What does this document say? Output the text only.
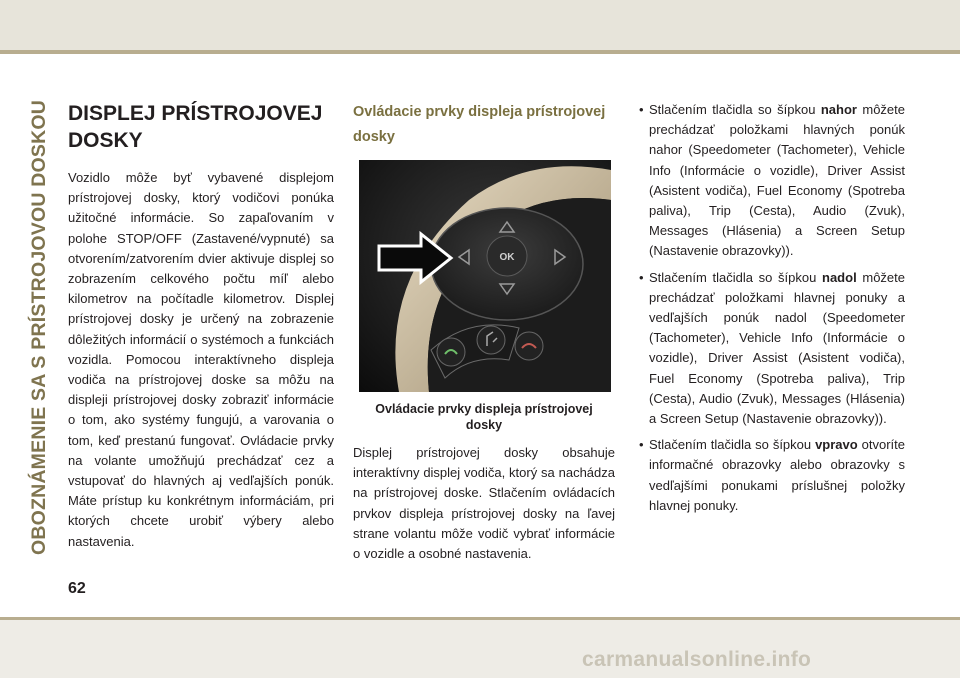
OBOZNÁMENIE SA S PRÍSTROJOVOU DOSKOU DISPLEJ PRÍSTROJOVEJ DOSKY

Vozidlo môže byť vybavené displejom prístrojovej dosky, ktorý vodičovi ponúka užitočné informácie. So zapaľovaním v polohe STOP/OFF (Zastavené/vypnuté) sa otvorením/zatvorením dvier aktivuje displej so zobrazením celkového počtu míľ alebo kilometrov na počítadle kilometrov. Displej prístrojovej dosky je určený na zobrazenie dôležitých informácií o systémoch a funkciách vozidla. Pomocou interaktívneho displeja vodiča na prístrojovej doske sa môžu na displeji prístrojovej dosky zobraziť informácie o tom, ako systémy fungujú, a varovania o tom, keď prestanú fungovať. Ovládacie prvky na volante umožňujú prechádzať cez a vstupovať do hlavných aj vedľajších ponúk. Máte prístup ku konkrétnym informáciám, pri ktorých chcete urobiť výbery alebo nastavenia.

Ovládacie prvky displeja prístrojovej dosky
OK
Ovládacie prvky displeja prístrojovej dosky

Displej prístrojovej dosky obsahuje interaktívny displej vodiča, ktorý sa nachádza na prístrojovej doske. Stlačením ovládacích prvkov displeja prístrojovej dosky na ľavej strane volantu môže vodič vybrať informácie o vozidle a osobné nastavenia.

• Stlačením tlačidla so šípkou nahor môžete prechádzať položkami hlavných ponúk nahor (Speedometer (Tachometer), Vehicle Info (Informácie o vozidle), Driver Assist (Asistent vodiča), Fuel Economy (Spotreba paliva), Trip (Cesta), Audio (Zvuk), Messages (Hlásenia) a Screen Setup (Nastavenie obrazovky)).
• Stlačením tlačidla so šípkou nadol môžete prechádzať položkami hlavnej ponuky a vedľajších ponúk nadol (Speedometer (Tachometer), Vehicle Info (Informácie o vozidle), Driver Assist (Asistent vodiča), Fuel Economy (Spotreba paliva), Trip (Cesta), Audio (Zvuk), Messages (Hlásenia) a Screen Setup (Nastavenie obrazovky)).
• Stlačením tlačidla so šípkou vpravo otvoríte informačné obrazovky alebo obrazovky s vedľajšími ponukami príslušnej položky hlavnej ponuky.
62
carmanualsonline.info
